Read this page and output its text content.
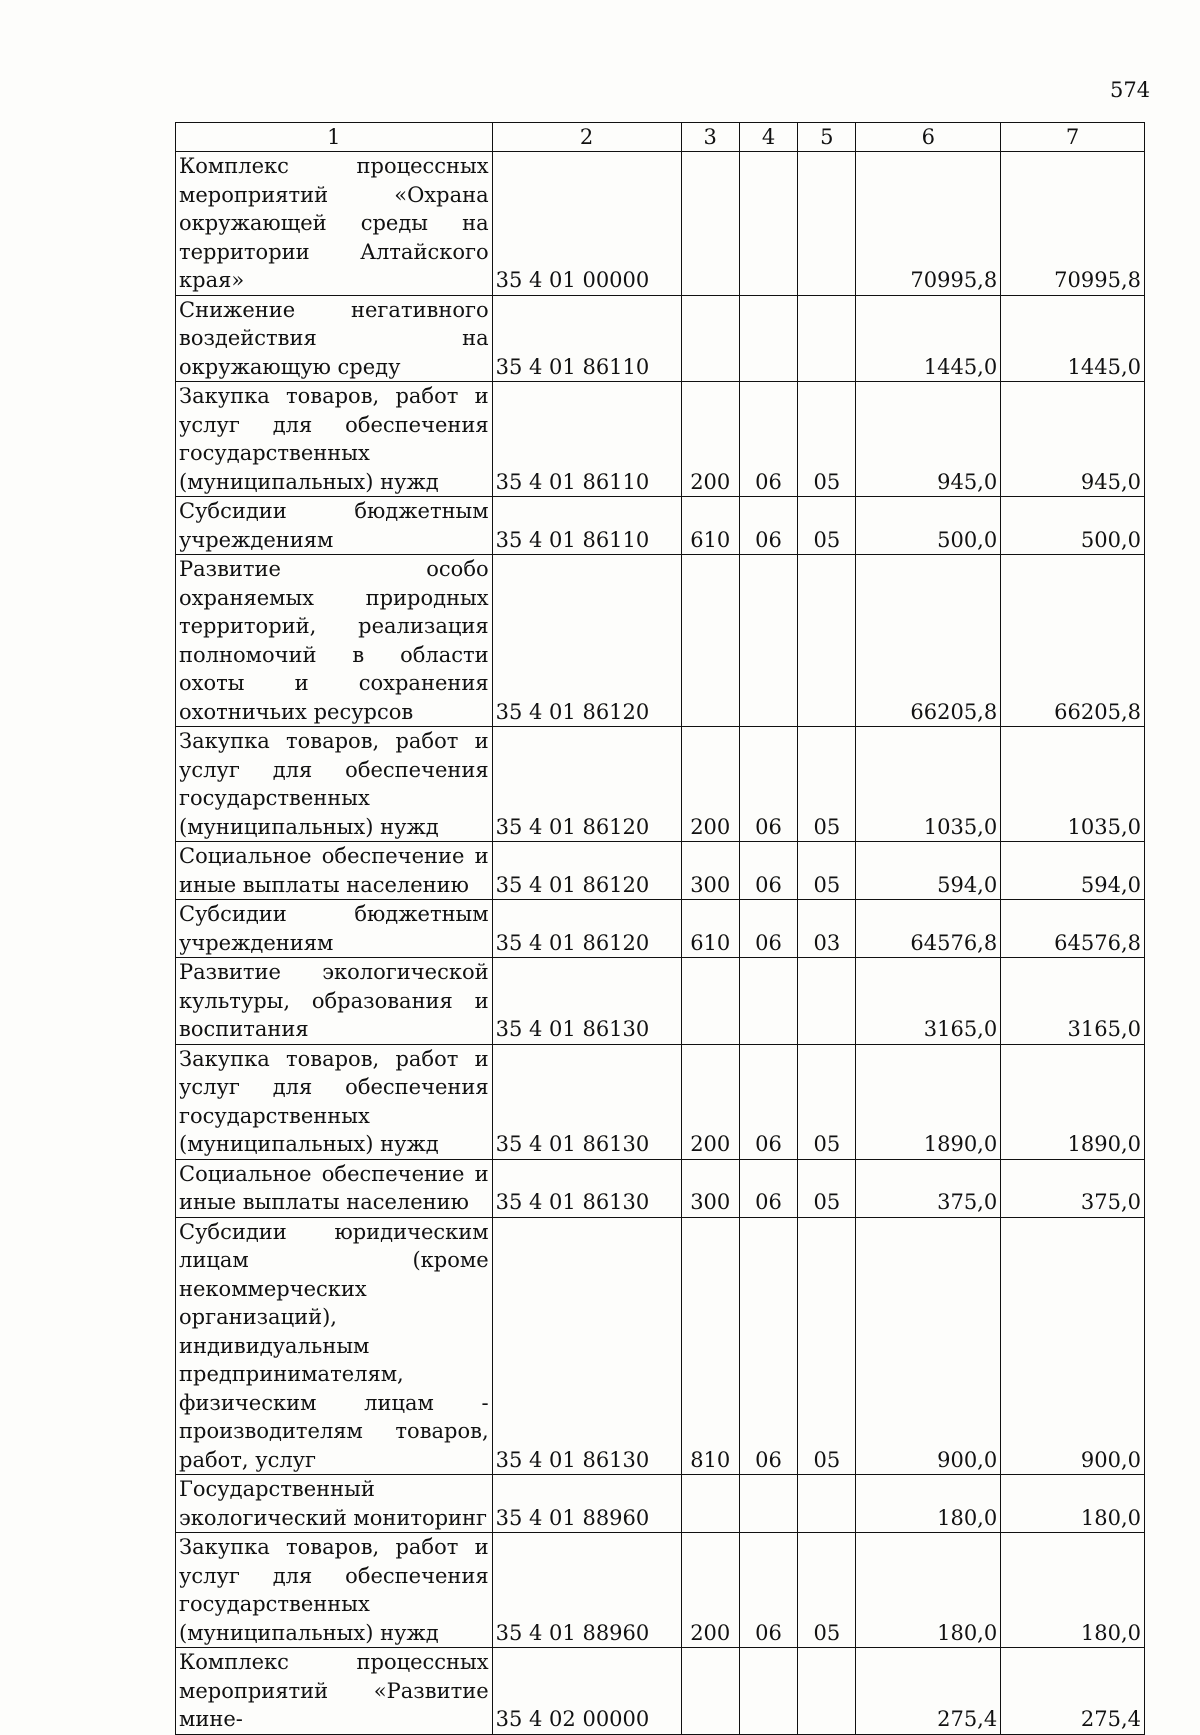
574
1	2	3	4	5	6	7
Комплекс процессных мероприятий «Охрана окружающей среды на территории Алтайского края»	35 4 01 00000				70995,8	70995,8
Снижение негативного воздействия на окружающую среду	35 4 01 86110				1445,0	1445,0
Закупка товаров, работ и услуг для обеспечения государственных (муниципальных) нужд	35 4 01 86110	200	06	05	945,0	945,0
Субсидии бюджетным учреждениям	35 4 01 86110	610	06	05	500,0	500,0
Развитие особо охраняемых природных территорий, реализация полномочий в области охоты и сохранения охотничьих ресурсов	35 4 01 86120				66205,8	66205,8
Закупка товаров, работ и услуг для обеспечения государственных (муниципальных) нужд	35 4 01 86120	200	06	05	1035,0	1035,0
Социальное обеспечение и иные выплаты населению	35 4 01 86120	300	06	05	594,0	594,0
Субсидии бюджетным учреждениям	35 4 01 86120	610	06	03	64576,8	64576,8
Развитие экологической культуры, образования и воспитания	35 4 01 86130				3165,0	3165,0
Закупка товаров, работ и услуг для обеспечения государственных (муниципальных) нужд	35 4 01 86130	200	06	05	1890,0	1890,0
Социальное обеспечение и иные выплаты населению	35 4 01 86130	300	06	05	375,0	375,0
Субсидии юридическим лицам (кроме некоммерческих организаций), индивидуальным предпринимателям, физическим лицам - производителям товаров, работ, услуг	35 4 01 86130	810	06	05	900,0	900,0
Государственный экологический мониторинг	35 4 01 88960				180,0	180,0
Закупка товаров, работ и услуг для обеспечения государственных (муниципальных) нужд	35 4 01 88960	200	06	05	180,0	180,0
Комплекс процессных мероприятий «Развитие мине-	35 4 02 00000				275,4	275,4
